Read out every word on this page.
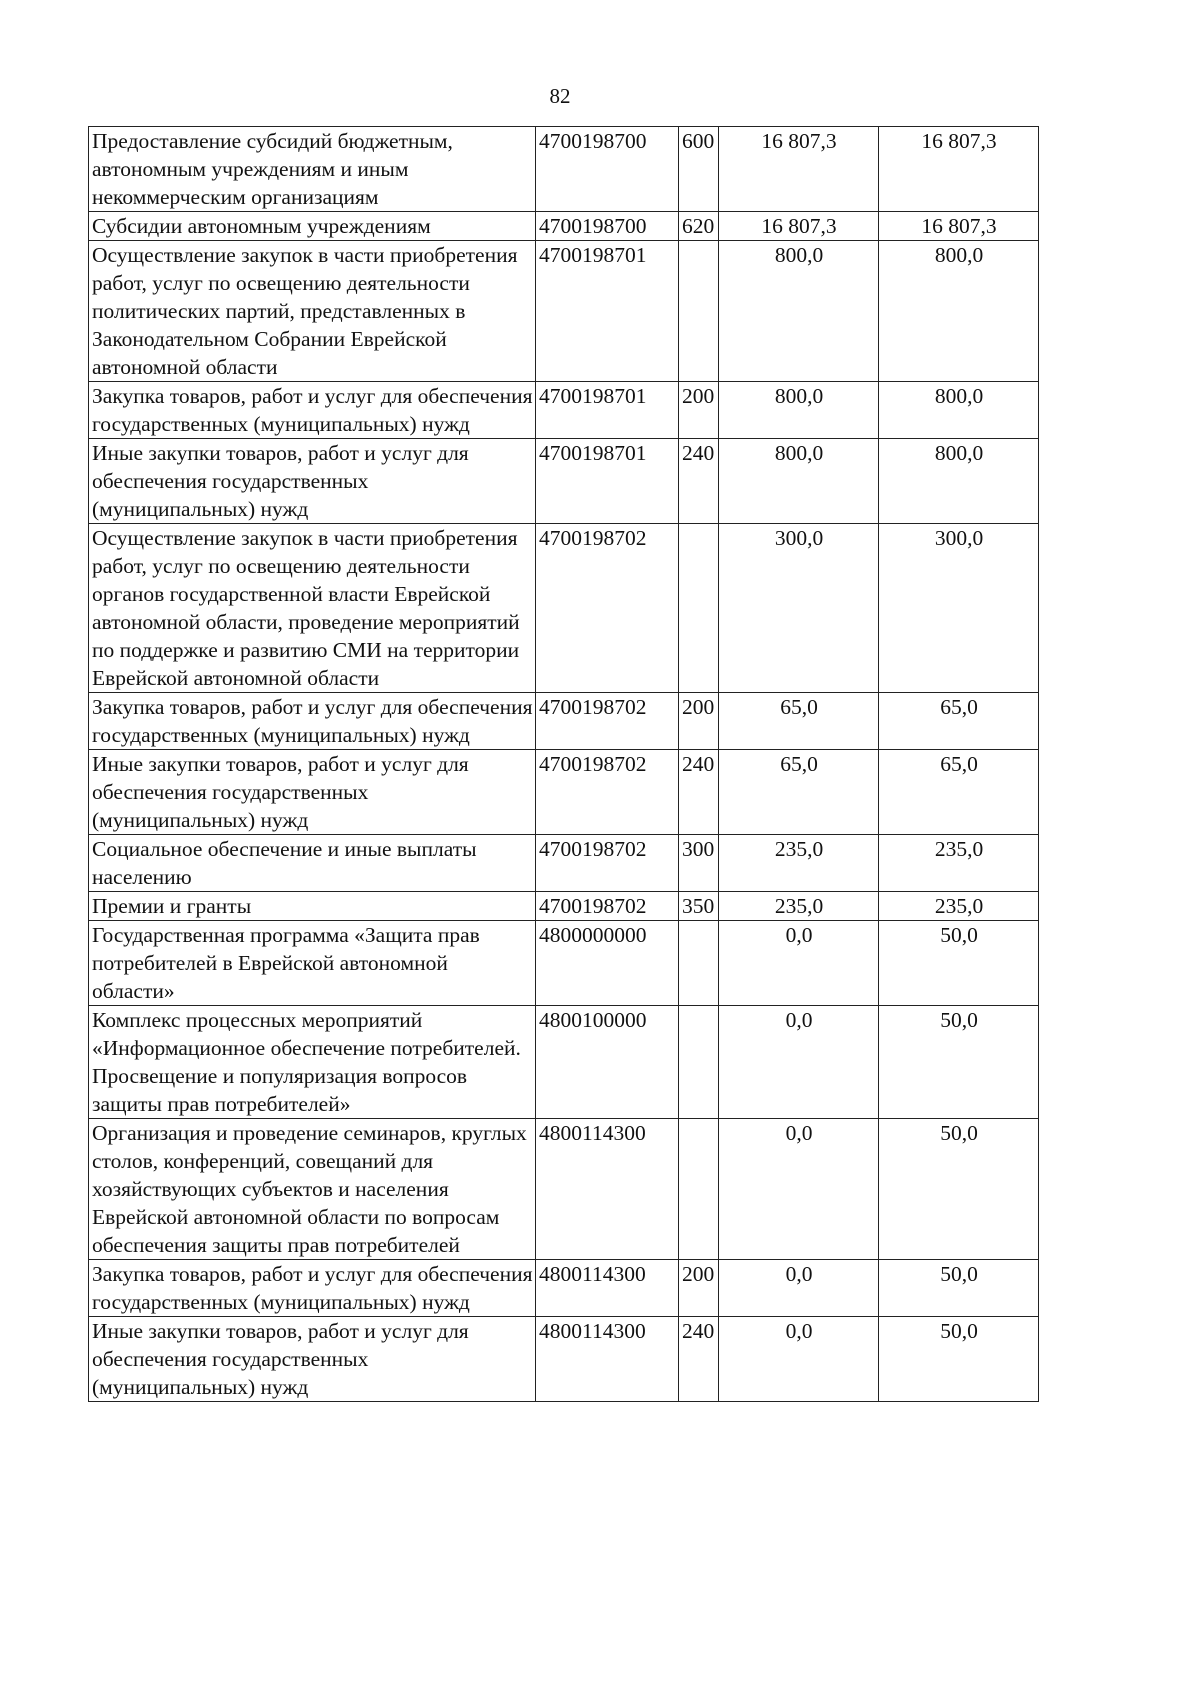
82
Предоставление субсидий бюджетным, автономным учреждениям и иным некоммерческим организациям	4700198700	600	16 807,3	16 807,3
Субсидии автономным учреждениям	4700198700	620	16 807,3	16 807,3
Осуществление закупок в части приобретения работ, услуг по освещению деятельности политических партий, представленных в Законодательном Собрании Еврейской автономной области	4700198701		800,0	800,0
Закупка товаров, работ и услуг для обеспечения государственных (муниципальных) нужд	4700198701	200	800,0	800,0
Иные закупки товаров, работ и услуг для обеспечения государственных (муниципальных) нужд	4700198701	240	800,0	800,0
Осуществление закупок в части приобретения работ, услуг по освещению деятельности органов государственной власти Еврейской автономной области, проведение мероприятий по поддержке и развитию СМИ на территории Еврейской автономной области	4700198702		300,0	300,0
Закупка товаров, работ и услуг для обеспечения государственных (муниципальных) нужд	4700198702	200	65,0	65,0
Иные закупки товаров, работ и услуг для обеспечения государственных (муниципальных) нужд	4700198702	240	65,0	65,0
Социальное обеспечение и иные выплаты населению	4700198702	300	235,0	235,0
Премии и гранты	4700198702	350	235,0	235,0
Государственная программа «Защита прав потребителей в Еврейской автономной области»	4800000000		0,0	50,0
Комплекс процессных мероприятий «Информационное обеспечение потребителей. Просвещение и популяризация вопросов защиты прав потребителей»	4800100000		0,0	50,0
Организация и проведение семинаров, круглых столов, конференций, совещаний для хозяйствующих субъектов и населения Еврейской автономной области по вопросам обеспечения защиты прав потребителей	4800114300		0,0	50,0
Закупка товаров, работ и услуг для обеспечения государственных (муниципальных) нужд	4800114300	200	0,0	50,0
Иные закупки товаров, работ и услуг для обеспечения государственных (муниципальных) нужд	4800114300	240	0,0	50,0
